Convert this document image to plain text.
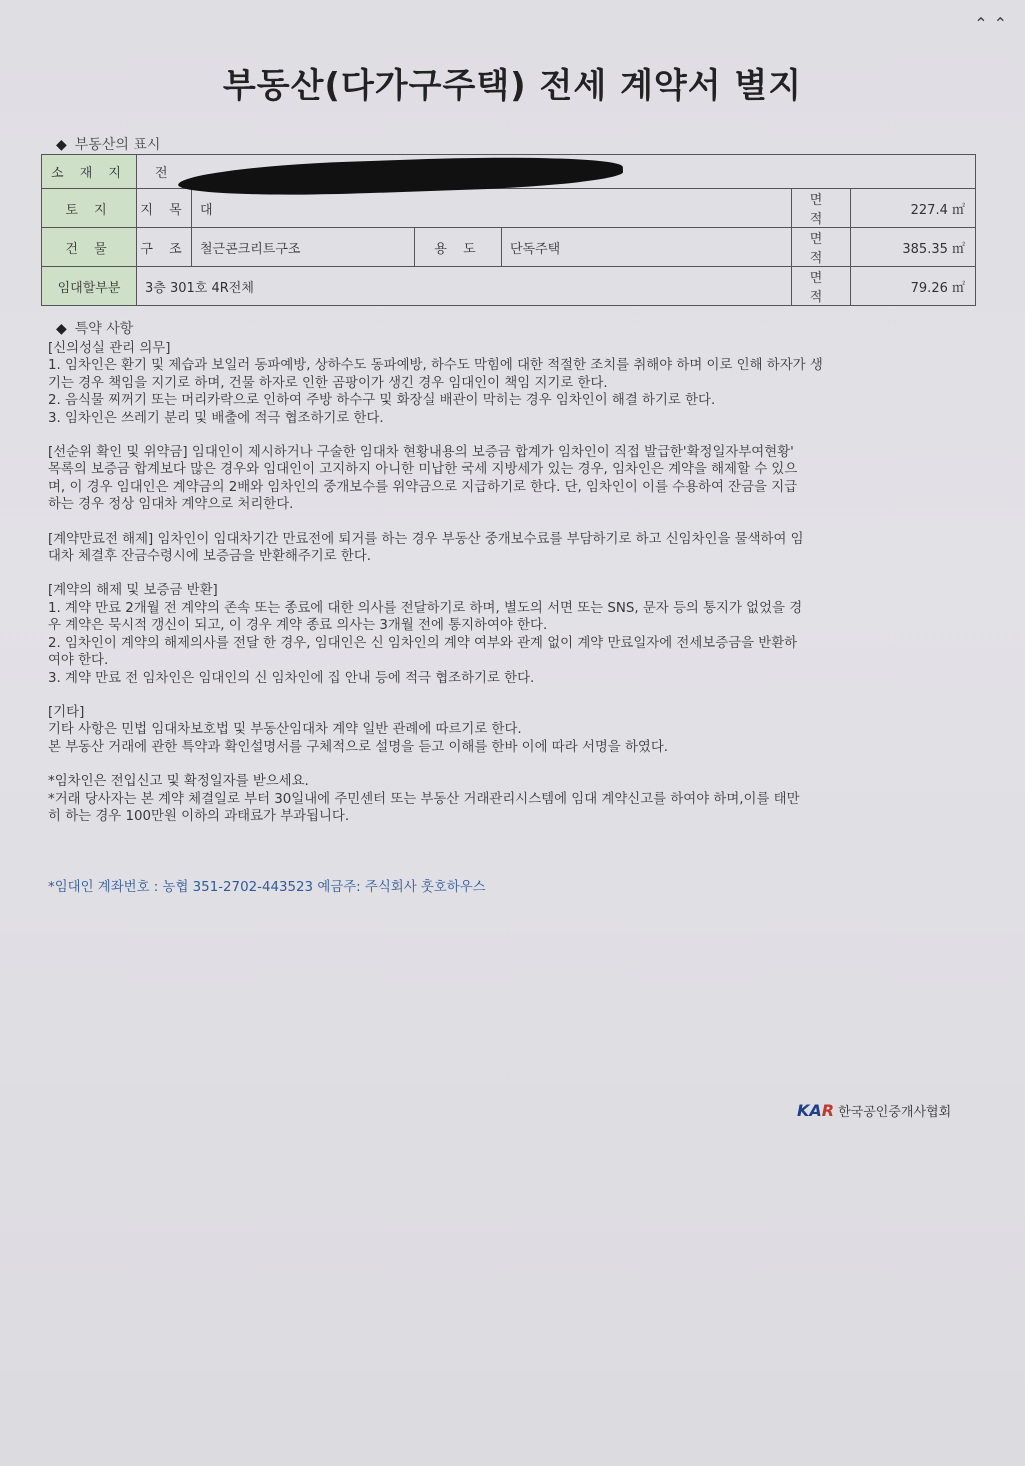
⌃⌃
부동산(다가구주택) 전세 계약서 별지
◆ 부동산의 표시
소 재 지	전					
토 지	지 목	대			면 적	227.4 ㎡
건 물	구 조	철근콘크리트구조	용 도	단독주택	면 적	385.35 ㎡
임대할부분	3층 301호 4R전체				면 적	79.26 ㎡
◆ 특약 사항

[신의성실 관리 의무]

1. 임차인은 환기 및 제습과 보일러 동파예방, 상하수도 동파예방, 하수도 막힘에 대한 적절한 조치를 취해야 하며 이로 인해 하자가 생

기는 경우 책임을 지기로 하며, 건물 하자로 인한 곰팡이가 생긴 경우 임대인이 책임 지기로 한다.

2. 음식물 찌꺼기 또는 머리카락으로 인하여 주방 하수구 및 화장실 배관이 막히는 경우 임차인이 해결 하기로 한다.

3. 임차인은 쓰레기 분리 및 배출에 적극 협조하기로 한다.

[선순위 확인 및 위약금] 임대인이 제시하거나 구술한 임대차 현황내용의 보증금 합계가 임차인이 직접 발급한'확정일자부여현황'

목록의 보증금 합계보다 많은 경우와 임대인이 고지하지 아니한 미납한 국세 지방세가 있는 경우, 임차인은 계약을 해제할 수 있으

며, 이 경우 임대인은 계약금의 2배와 임차인의 중개보수를 위약금으로 지급하기로 한다. 단, 임차인이 이를 수용하여 잔금을 지급

하는 경우 정상 임대차 계약으로 처리한다.

[계약만료전 해제] 임차인이 임대차기간 만료전에 퇴거를 하는 경우 부동산 중개보수료를 부담하기로 하고 신임차인을 물색하여 임

대차 체결후 잔금수령시에 보증금을 반환해주기로 한다.

[계약의 해제 및 보증금 반환]

1. 계약 만료 2개월 전 계약의 존속 또는 종료에 대한 의사를 전달하기로 하며, 별도의 서면 또는 SNS, 문자 등의 통지가 없었을 경

우 계약은 묵시적 갱신이 되고, 이 경우 계약 종료 의사는 3개월 전에 통지하여야 한다.

2. 임차인이 계약의 해제의사를 전달 한 경우, 임대인은 신 임차인의 계약 여부와 관계 없이 계약 만료일자에 전세보증금을 반환하

여야 한다.

3. 계약 만료 전 임차인은 임대인의 신 임차인에 집 안내 등에 적극 협조하기로 한다.

[기타]

기타 사항은 민법 임대차보호법 및 부동산임대차 계약 일반 관례에 따르기로 한다.

본 부동산 거래에 관한 특약과 확인설명서를 구체적으로 설명을 듣고 이해를 한바 이에 따라 서명을 하였다.

*임차인은 전입신고 및 확정일자를 받으세요.

*거래 당사자는 본 계약 체결일로 부터 30일내에 주민센터 또는 부동산 거래관리시스템에 임대 계약신고를 하여야 하며,이를 태만

히 하는 경우 100만원 이하의 과태료가 부과됩니다.

*임대인 계좌번호 : 농협 351-2702-443523 예금주: 주식회사 훗호하우스
KAR 한국공인중개사협회
